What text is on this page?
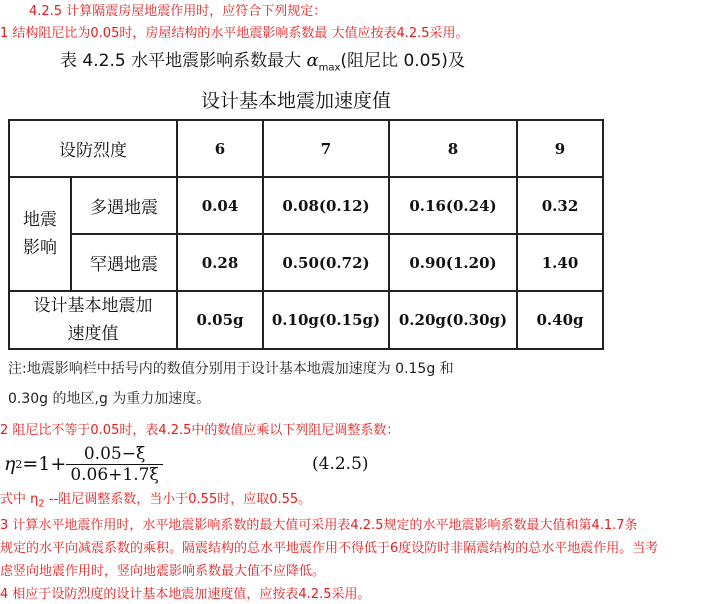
4.2.5 计算隔震房屋地震作用时，应符合下列规定：
1 结构阻尼比为0.05时，房屋结构的水平地震影响系数最 大值应按表4.2.5采用。
表 4.2.5 水平地震影响系数最大 $\alpha_{max}$(阻尼比 0.05)及
设计基本地震加速度值
设防烈度		6	7	8	9
地震影响	多遇地震	0.04	0.08(0.12)	0.16(0.24)	0.32
	罕遇地震	0.28	0.50(0.72)	0.90(1.20)	1.40
设计基本地震加速度值		0.05g	0.10g(0.15g)	0.20g(0.30g)	0.40g
注:地震影响栏中括号内的数值分别用于设计基本地震加速度为 0.15g 和
0.30g 的地区,g 为重力加速度。
2 阻尼比不等于0.05时，表4.2.5中的数值应乘以下列阻尼调整系数：
η $2 =1+ \frac{0.05-\xi}{0.06+1.7\xi}$	(4.2.5)
式中 $\eta_2$ --阻尼调整系数，当小于0.55时，应取0.55。
3 计算水平地震作用时，水平地震影响系数的最大值可采用表4.2.5规定的水平地震影响系数最大值和第4.1.7条
规定的水平向减震系数的乘积。隔震结构的总水平地震作用不得低于6度设防时非隔震结构的总水平地震作用。当考
虑竖向地震作用时，竖向地震影响系数最大值不应降低。
4 相应于设防烈度的设计基本地震加速度值，应按表4.2.5采用。
